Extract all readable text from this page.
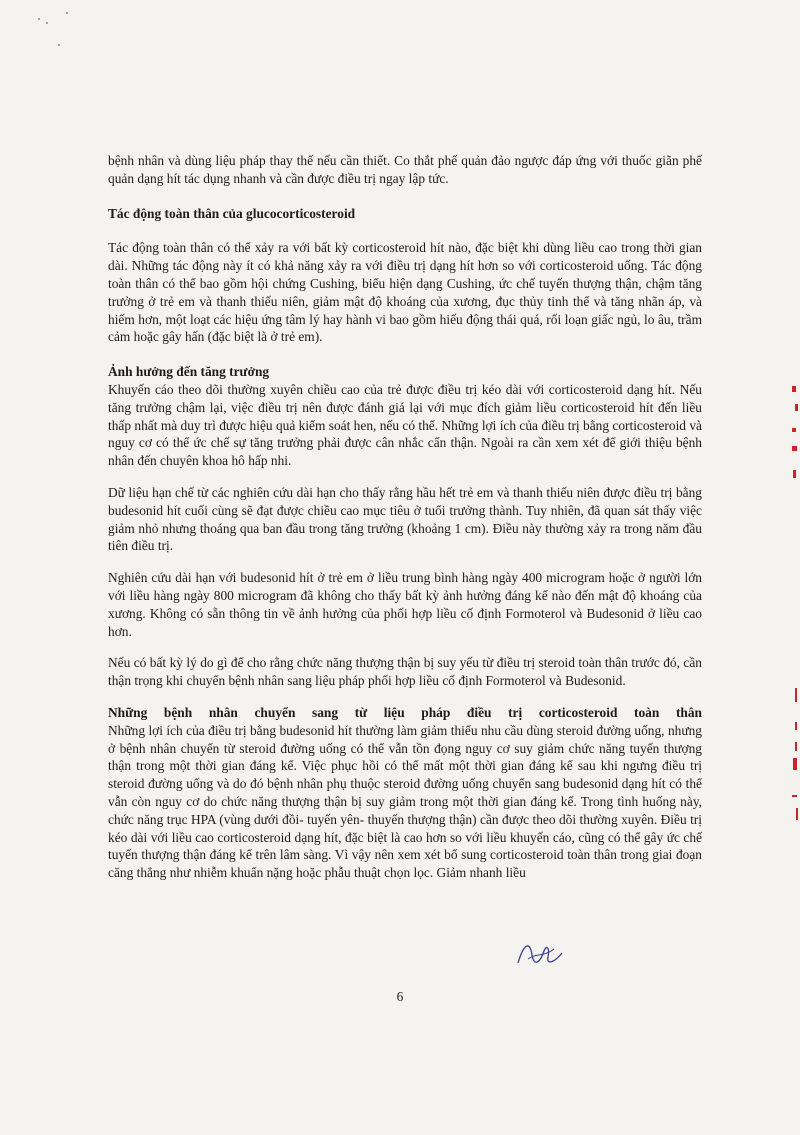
bệnh nhân và dùng liệu pháp thay thế nếu cần thiết. Co thắt phế quản đảo ngược đáp ứng với thuốc giãn phế quản dạng hít tác dụng nhanh và cần được điều trị ngay lập tức.

Tác động toàn thân của glucocorticosteroid

Tác động toàn thân có thể xảy ra với bất kỳ corticosteroid hít nào, đặc biệt khi dùng liều cao trong thời gian dài. Những tác động này ít có khả năng xảy ra với điều trị dạng hít hơn so với corticosteroid uống. Tác động toàn thân có thể bao gồm hội chứng Cushing, biểu hiện dạng Cushing, ức chế tuyến thượng thận, chậm tăng trưởng ở trẻ em và thanh thiếu niên, giảm mật độ khoáng của xương, đục thủy tinh thể và tăng nhãn áp, và hiếm hơn, một loạt các hiệu ứng tâm lý hay hành vi bao gồm hiếu động thái quá, rối loạn giấc ngủ, lo âu, trầm cảm hoặc gây hấn (đặc biệt là ở trẻ em).

Ảnh hưởng đến tăng trưởng

Khuyến cáo theo dõi thường xuyên chiều cao của trẻ được điều trị kéo dài với corticosteroid dạng hít. Nếu tăng trưởng chậm lại, việc điều trị nên được đánh giá lại với mục đích giảm liều corticosteroid hít đến liều thấp nhất mà duy trì được hiệu quả kiểm soát hen, nếu có thể. Những lợi ích của điều trị bằng corticosteroid và nguy cơ có thể ức chế sự tăng trưởng phải được cân nhắc cẩn thận. Ngoài ra cần xem xét để giới thiệu bệnh nhân đến chuyên khoa hô hấp nhi.

Dữ liệu hạn chế từ các nghiên cứu dài hạn cho thấy rằng hầu hết trẻ em và thanh thiếu niên được điều trị bằng budesonid hít cuối cùng sẽ đạt được chiều cao mục tiêu ở tuổi trưởng thành. Tuy nhiên, đã quan sát thấy việc giảm nhỏ nhưng thoáng qua ban đầu trong tăng trưởng (khoảng 1 cm). Điều này thường xảy ra trong năm đầu tiên điều trị.

Nghiên cứu dài hạn với budesonid hít ở trẻ em ở liều trung bình hàng ngày 400 microgram hoặc ở người lớn với liều hàng ngày 800 microgram đã không cho thấy bất kỳ ảnh hưởng đáng kể nào đến mật độ khoáng của xương. Không có sẵn thông tin về ảnh hưởng của phối hợp liều cố định Formoterol và Budesonid ở liều cao hơn.

Nếu có bất kỳ lý do gì để cho rằng chức năng thượng thận bị suy yếu từ điều trị steroid toàn thân trước đó, cần thận trọng khi chuyển bệnh nhân sang liệu pháp phối hợp liều cố định Formoterol và Budesonid.

Những bệnh nhân chuyển sang từ liệu pháp điều trị corticosteroid toàn thân

Những lợi ích của điều trị bằng budesonid hít thường làm giảm thiểu nhu cầu dùng steroid đường uống, nhưng ở bệnh nhân chuyển từ steroid đường uống có thể vẫn tồn đọng nguy cơ suy giảm chức năng tuyến thượng thận trong một thời gian đáng kể. Việc phục hồi có thể mất một thời gian đáng kể sau khi ngưng điều trị steroid đường uống và do đó bệnh nhân phụ thuộc steroid đường uống chuyển sang budesonid dạng hít có thể vẫn còn nguy cơ do chức năng thượng thận bị suy giảm trong một thời gian đáng kể. Trong tình huống này, chức năng trục HPA (vùng dưới đồi- tuyến yên- thuyến thượng thận) cần được theo dõi thường xuyên. Điều trị kéo dài với liều cao corticosteroid dạng hít, đặc biệt là cao hơn so với liều khuyến cáo, cũng có thể gây ức chế tuyến thượng thận đáng kể trên lâm sàng. Vì vậy nên xem xét bổ sung corticosteroid toàn thân trong giai đoạn căng thẳng như nhiễm khuẩn nặng hoặc phẫu thuật chọn lọc. Giảm nhanh liều

6
